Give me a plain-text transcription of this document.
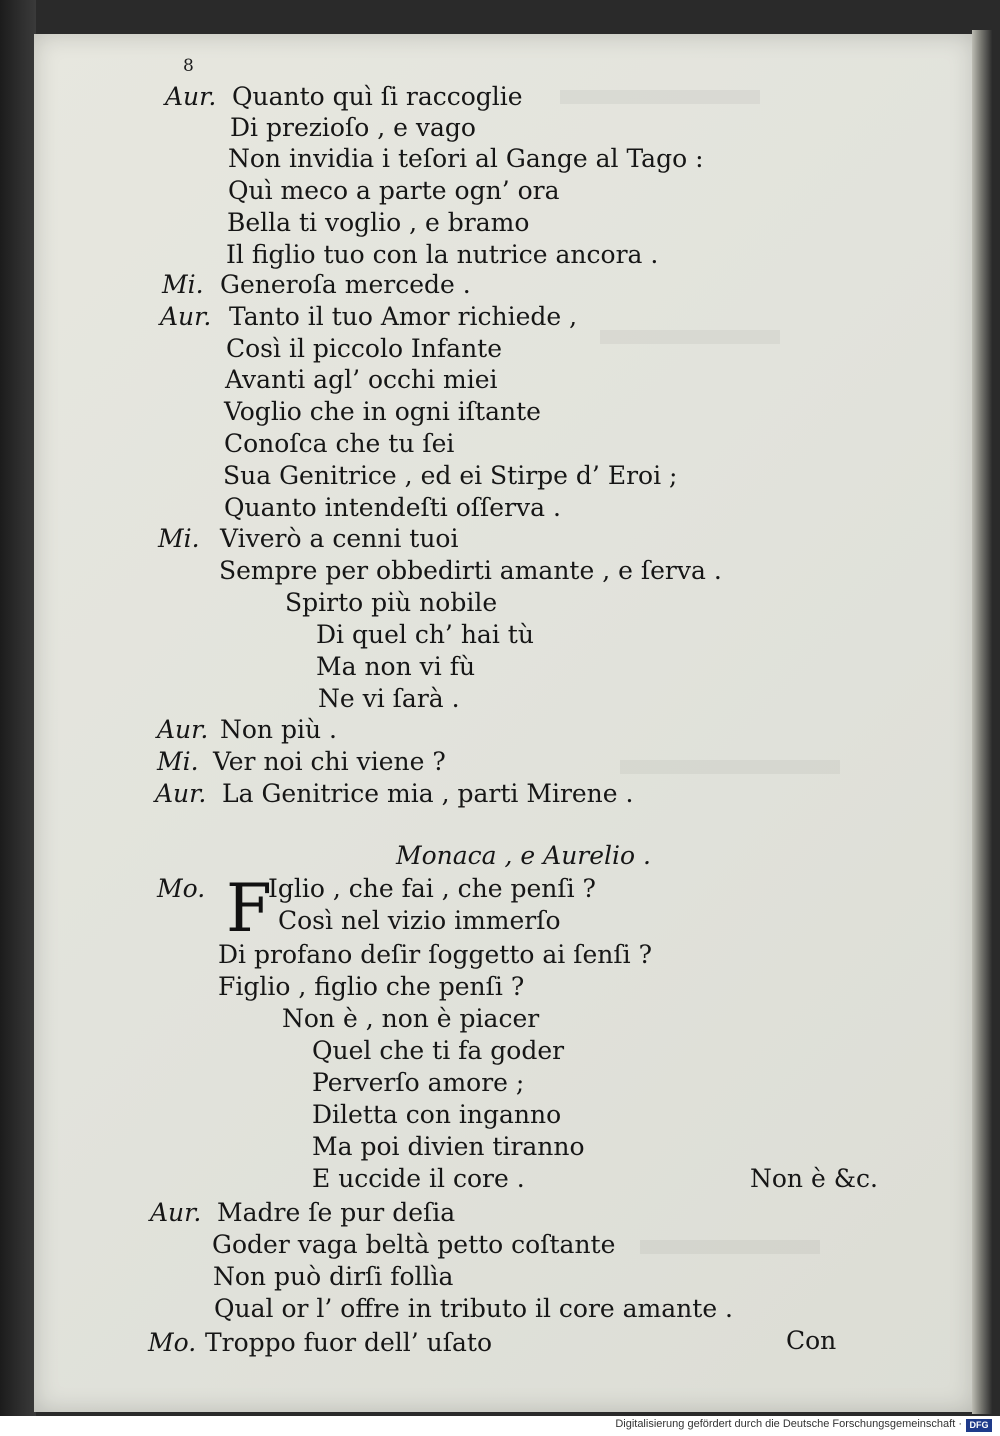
8
Aur. Quanto quì ſi raccoglie
Di prezioſo , e vago
Non invidia i teſori al Gange al Tago :
Quì meco a parte ogn’ ora
Bella ti voglio , e bramo
Il figlio tuo con la nutrice ancora .
Mi. Generoſa mercede .
Aur. Tanto il tuo Amor richiede ,
Così il piccolo Infante
Avanti agl’ occhi miei
Voglio che in ogni iſtante
Conoſca che tu ſei
Sua Genitrice , ed ei Stirpe d’ Eroi ;
Quanto intendeſti oſſerva .
Mi. Viverò a cenni tuoi
Sempre per obbedirti amante , e ſerva .
Spirto più nobile
Di quel ch’ hai tù
Ma non vi fù
Ne vi ſarà .
Aur. Non più .
Mi. Ver noi chi viene ?
Aur. La Genitrice mia , parti Mirene .
Monaca , e Aurelio .
Mo. F
Iglio , che fai , che penſi ?
Così nel vizio immerſo
Di profano deſir ſoggetto ai ſenſi ?
Figlio , figlio che penſi ?
Non è , non è piacer
Quel che ti fa goder
Perverſo amore ;
Diletta con inganno
Ma poi divien tiranno
E uccide il core .	Non è &c.
Aur. Madre ſe pur deſia
Goder vaga beltà petto coſtante
Non può dirſi follìa
Qual or l’ offre in tributo il core amante .
Mo. Troppo fuor dell’ uſato	Con
Digitalisierung gefördert durch die Deutsche Forschungsgemeinschaft · DFG
